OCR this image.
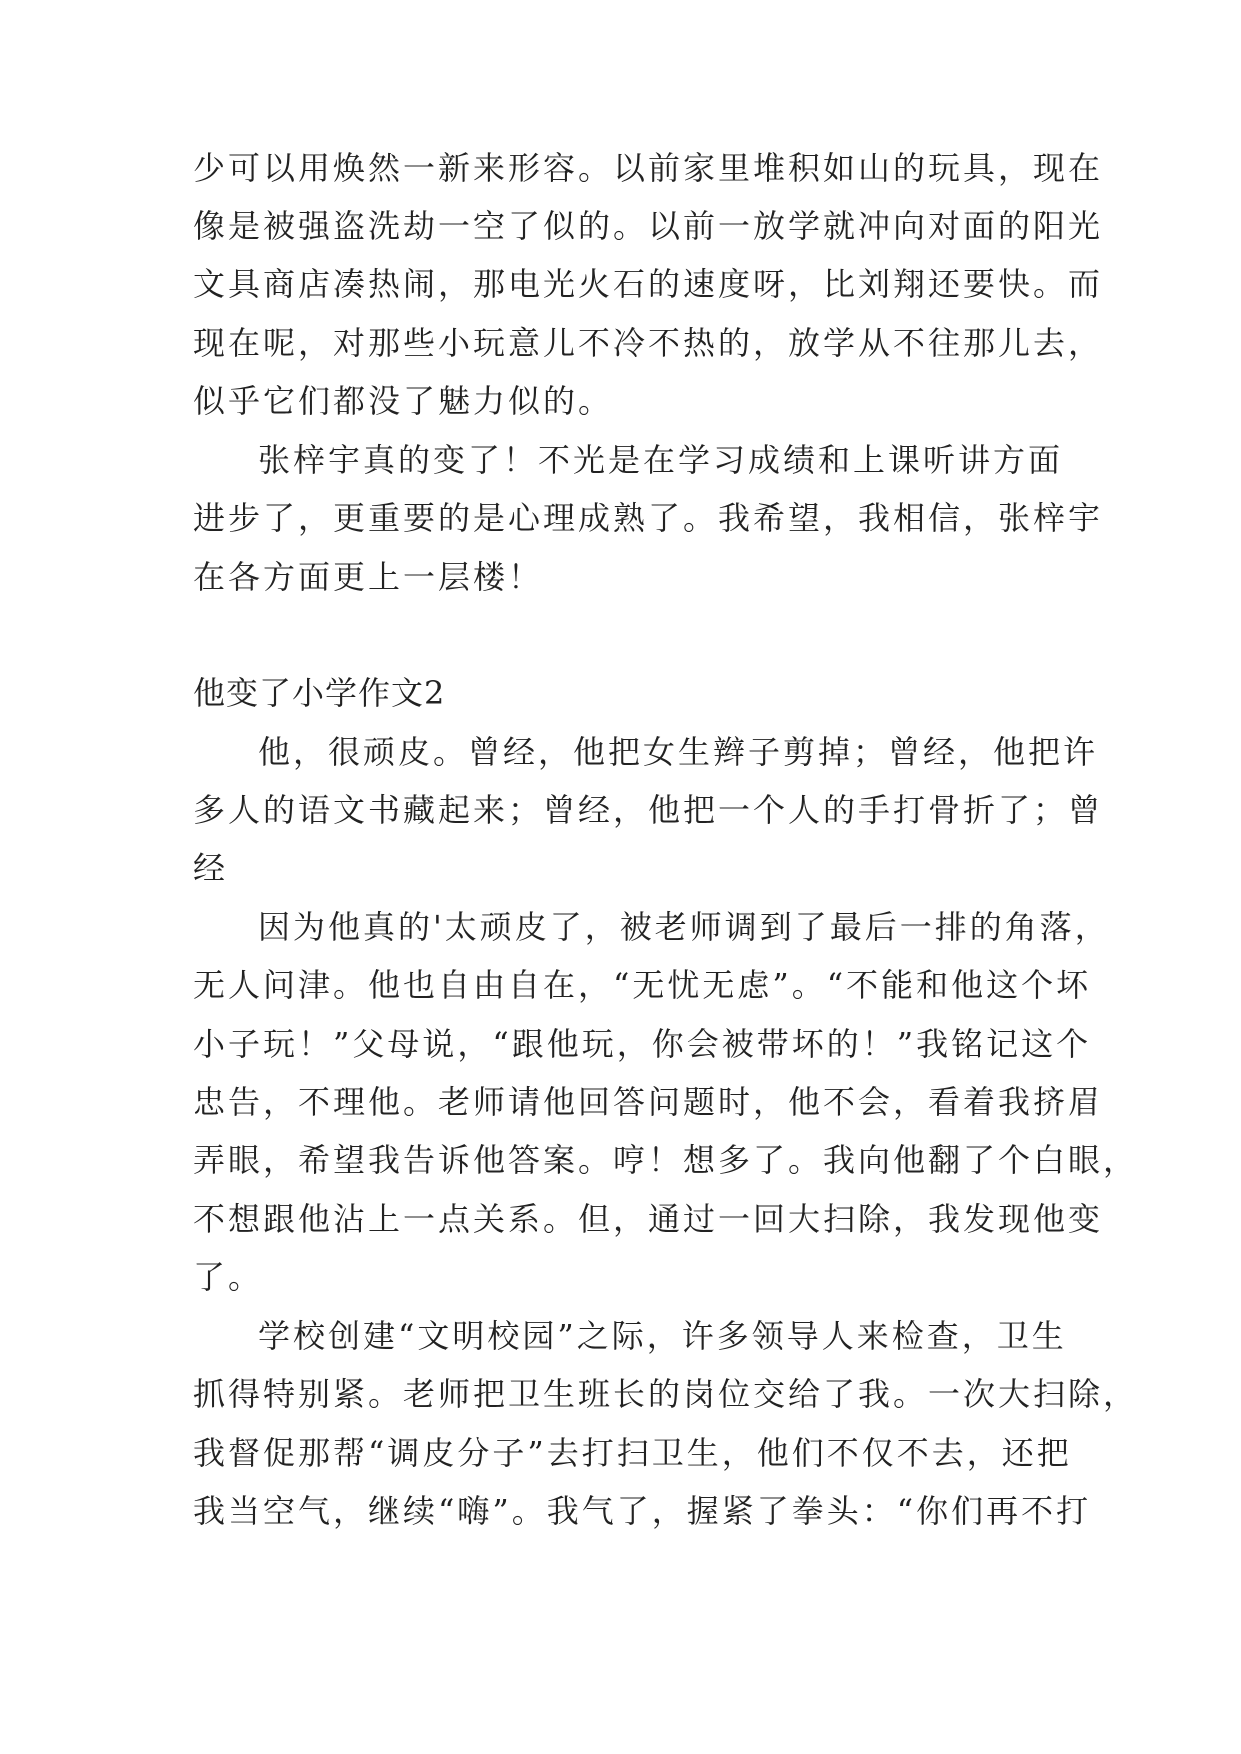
少可以用焕然一新来形容。以前家里堆积如山的玩具，现在
像是被强盗洗劫一空了似的。以前一放学就冲向对面的阳光
文具商店凑热闹，那电光火石的速度呀，比刘翔还要快。而
现在呢，对那些小玩意儿不冷不热的，放学从不往那儿去，
似乎它们都没了魅力似的。
张梓宇真的变了！不光是在学习成绩和上课听讲方面
进步了，更重要的是心理成熟了。我希望，我相信，张梓宇
在各方面更上一层楼！
他变了小学作文2
他，很顽皮。曾经，他把女生辫子剪掉；曾经，他把许
多人的语文书藏起来；曾经，他把一个人的手打骨折了；曾
经
因为他真的'太顽皮了，被老师调到了最后一排的角落，
无人问津。他也自由自在，“无忧无虑”。“不能和他这个坏
小子玩！”父母说，“跟他玩，你会被带坏的！”我铭记这个
忠告，不理他。老师请他回答问题时，他不会，看着我挤眉
弄眼，希望我告诉他答案。哼！想多了。我向他翻了个白眼，
不想跟他沾上一点关系。但，通过一回大扫除，我发现他变
了。
学校创建“文明校园”之际，许多领导人来检查，卫生
抓得特别紧。老师把卫生班长的岗位交给了我。一次大扫除，
我督促那帮“调皮分子”去打扫卫生，他们不仅不去，还把
我当空气，继续“嗨”。我气了，握紧了拳头：“你们再不打
